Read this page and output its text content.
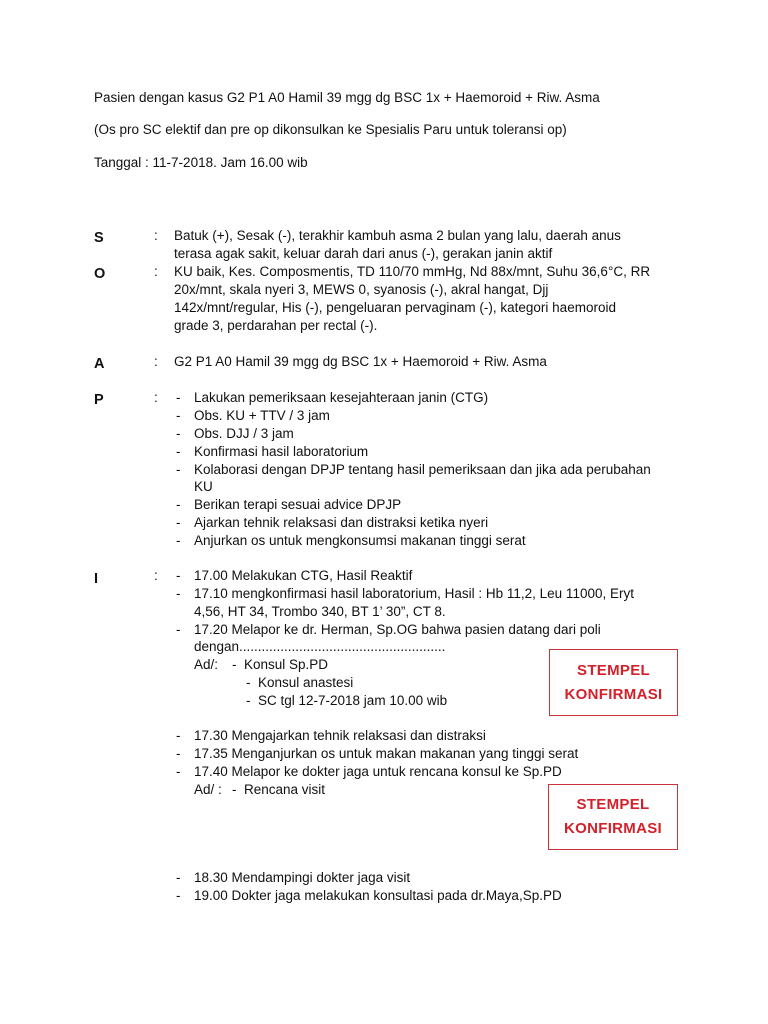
Pasien dengan kasus G2 P1 A0 Hamil 39 mgg dg BSC 1x + Haemoroid + Riw. Asma
(Os pro SC elektif dan pre op dikonsulkan ke Spesialis Paru untuk toleransi op)
Tanggal : 11-7-2018. Jam 16.00 wib
S	: Batuk (+), Sesak (-), terakhir kambuh asma 2 bulan yang lalu, daerah anus
terasa agak sakit, keluar darah dari anus (-), gerakan janin aktif
O	: KU baik, Kes. Composmentis, TD 110/70 mmHg, Nd 88x/mnt, Suhu 36,6°C, RR
20x/mnt, skala nyeri 3, MEWS 0, syanosis (-), akral hangat, Djj
142x/mnt/regular, His (-), pengeluaran pervaginam (-), kategori haemoroid
grade 3, perdarahan per rectal (-).
A	: G2 P1 A0 Hamil 39 mgg dg BSC 1x + Haemoroid + Riw. Asma
P	: - Lakukan pemeriksaan kesejahteraan janin (CTG)
- Obs. KU + TTV / 3 jam
- Obs. DJJ / 3 jam
- Konfirmasi hasil laboratorium
- Kolaborasi dengan DPJP tentang hasil pemeriksaan dan jika ada perubahan
KU
- Berikan terapi sesuai advice DPJP
- Ajarkan tehnik relaksasi dan distraksi ketika nyeri
- Anjurkan os untuk mengkonsumsi makanan tinggi serat
I	: - 17.00 Melakukan CTG, Hasil Reaktif
- 17.10 mengkonfirmasi hasil laboratorium, Hasil : Hb 11,2, Leu 11000, Eryt
4,56, HT 34, Trombo 340, BT 1’ 30”, CT 8.
- 17.20 Melapor ke dr. Herman, Sp.OG bahwa pasien datang dari poli
dengan.......................................................
Ad/: - Konsul Sp.PD
- Konsul anastesi
- SC tgl 12-7-2018 jam 10.00 wib
- 17.30 Mengajarkan tehnik relaksasi dan distraksi
- 17.35 Menganjurkan os untuk makan makanan yang tinggi serat
- 17.40 Melapor ke dokter jaga untuk rencana konsul ke Sp.PD
Ad/ : - Rencana visit
- 18.30 Mendampingi dokter jaga visit
- 19.00 Dokter jaga melakukan konsultasi pada dr.Maya,Sp.PD
STEMPEL
KONFIRMASI
STEMPEL
KONFIRMASI
